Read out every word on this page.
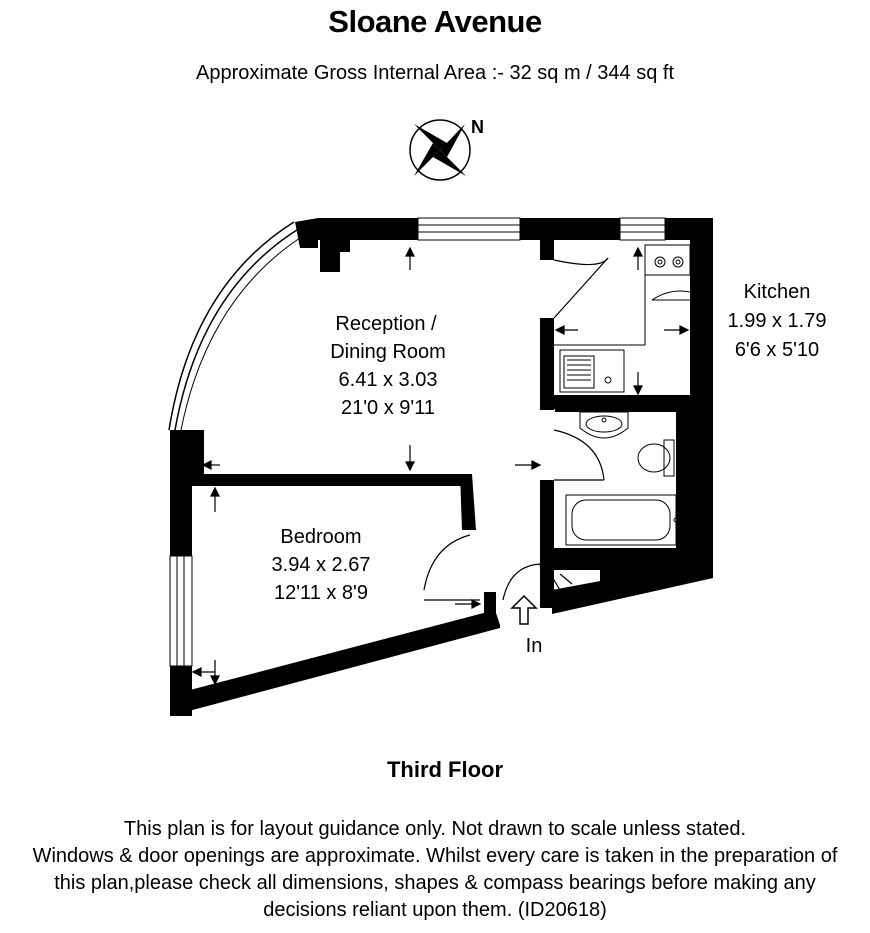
Sloane Avenue
Approximate Gross Internal Area :- 32 sq m / 344 sq ft
N
Reception /
Dining Room
6.41 x 3.03
21'0 x 9'11
Kitchen
1.99 x 1.79
6'6 x 5'10
Bedroom
3.94 x 2.67
12'11 x 8'9
In
Third Floor
This plan is for layout guidance only. Not drawn to scale unless stated.
Windows & door openings are approximate. Whilst every care is taken in the preparation of
this plan,please check all dimensions, shapes & compass bearings before making any
decisions reliant upon them. (ID20618)
